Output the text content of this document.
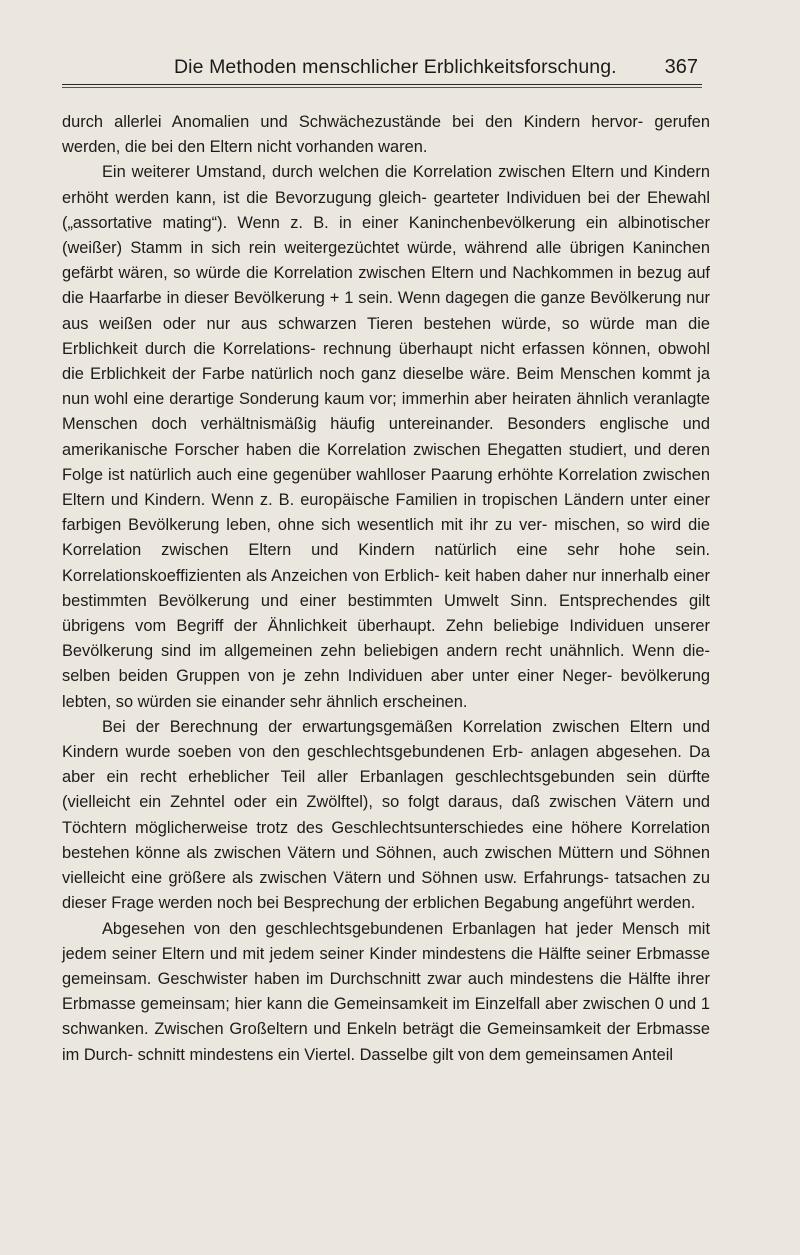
Die Methoden menschlicher Erblichkeitsforschung. 367

durch allerlei Anomalien und Schwächezustände bei den Kindern hervor- gerufen werden, die bei den Eltern nicht vorhanden waren.

Ein weiterer Umstand, durch welchen die Korrelation zwischen Eltern und Kindern erhöht werden kann, ist die Bevorzugung gleich- gearteter Individuen bei der Ehewahl („assortative mating“). Wenn z. B. in einer Kaninchenbevölkerung ein albinotischer (weißer) Stamm in sich rein weitergezüchtet würde, während alle übrigen Kaninchen gefärbt wären, so würde die Korrelation zwischen Eltern und Nachkommen in bezug auf die Haarfarbe in dieser Bevölkerung + 1 sein. Wenn dagegen die ganze Bevölkerung nur aus weißen oder nur aus schwarzen Tieren bestehen würde, so würde man die Erblichkeit durch die Korrelations- rechnung überhaupt nicht erfassen können, obwohl die Erblichkeit der Farbe natürlich noch ganz dieselbe wäre. Beim Menschen kommt ja nun wohl eine derartige Sonderung kaum vor; immerhin aber heiraten ähnlich veranlagte Menschen doch verhältnismäßig häufig untereinander. Besonders englische und amerikanische Forscher haben die Korrelation zwischen Ehegatten studiert, und deren Folge ist natürlich auch eine gegenüber wahlloser Paarung erhöhte Korrelation zwischen Eltern und Kindern. Wenn z. B. europäische Familien in tropischen Ländern unter einer farbigen Bevölkerung leben, ohne sich wesentlich mit ihr zu ver- mischen, so wird die Korrelation zwischen Eltern und Kindern natürlich eine sehr hohe sein. Korrelationskoeffizienten als Anzeichen von Erblich- keit haben daher nur innerhalb einer bestimmten Bevölkerung und einer bestimmten Umwelt Sinn. Entsprechendes gilt übrigens vom Begriff der Ähnlichkeit überhaupt. Zehn beliebige Individuen unserer Bevölkerung sind im allgemeinen zehn beliebigen andern recht unähnlich. Wenn die- selben beiden Gruppen von je zehn Individuen aber unter einer Neger- bevölkerung lebten, so würden sie einander sehr ähnlich erscheinen.

Bei der Berechnung der erwartungsgemäßen Korrelation zwischen Eltern und Kindern wurde soeben von den geschlechtsgebundenen Erb- anlagen abgesehen. Da aber ein recht erheblicher Teil aller Erbanlagen geschlechtsgebunden sein dürfte (vielleicht ein Zehntel oder ein Zwölftel), so folgt daraus, daß zwischen Vätern und Töchtern möglicherweise trotz des Geschlechtsunterschiedes eine höhere Korrelation bestehen könne als zwischen Vätern und Söhnen, auch zwischen Müttern und Söhnen vielleicht eine größere als zwischen Vätern und Söhnen usw. Erfahrungs- tatsachen zu dieser Frage werden noch bei Besprechung der erblichen Begabung angeführt werden.

Abgesehen von den geschlechtsgebundenen Erbanlagen hat jeder Mensch mit jedem seiner Eltern und mit jedem seiner Kinder mindestens die Hälfte seiner Erbmasse gemeinsam. Geschwister haben im Durchschnitt zwar auch mindestens die Hälfte ihrer Erbmasse gemeinsam; hier kann die Gemeinsamkeit im Einzelfall aber zwischen 0 und 1 schwanken. Zwischen Großeltern und Enkeln beträgt die Gemeinsamkeit der Erbmasse im Durch- schnitt mindestens ein Viertel. Dasselbe gilt von dem gemeinsamen Anteil
